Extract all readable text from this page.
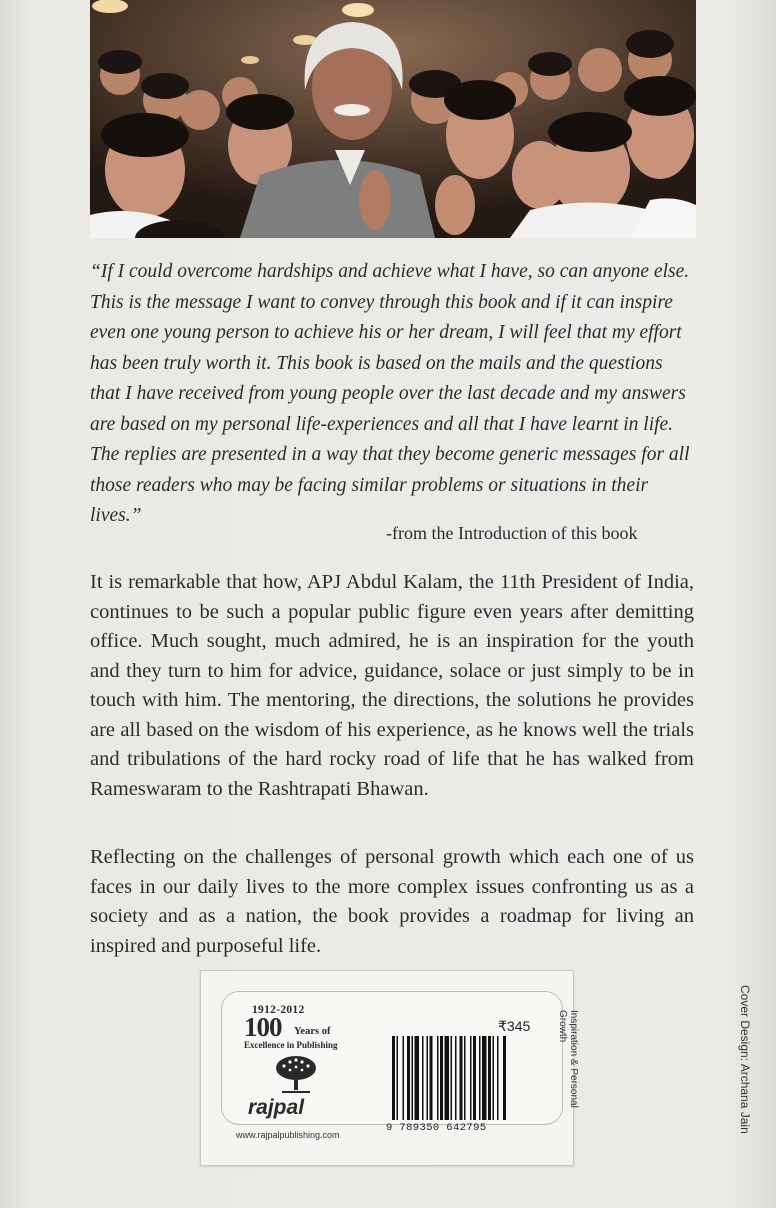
“If I could overcome hardships and achieve what I have, so can anyone else. This is the message I want to convey through this book and if it can inspire even one young person to achieve his or her dream, I will feel that my effort has been truly worth it. This book is based on the mails and the questions that I have received from young people over the last decade and my answers are based on my personal life-experiences and all that I have learnt in life. The replies are presented in a way that they become generic messages for all those readers who may be facing similar problems or situations in their lives.”

-from the Introduction of this book

It is remarkable that how, APJ Abdul Kalam, the 11th President of India, continues to be such a popular public figure even years after demitting office. Much sought, much admired, he is an inspiration for the youth and they turn to him for advice, guidance, solace or just simply to be in touch with him. The mentoring, the directions, the solutions he provides are all based on the wisdom of his experience, as he knows well the trials and tribulations of the hard rocky road of life that he has walked from Rameswaram to the Rashtrapati Bhawan.

Reflecting on the challenges of personal growth which each one of us faces in our daily lives to the more complex issues confronting us as a society and as a nation, the book provides a roadmap for living an inspired and purposeful life.

1912-2012
100 Years of
Excellence in Publishing
rajpal
www.rajpalpublishing.com
₹345
9 789350 642795
Inspiration & Personal Growth	Cover Design: Archana Jain
